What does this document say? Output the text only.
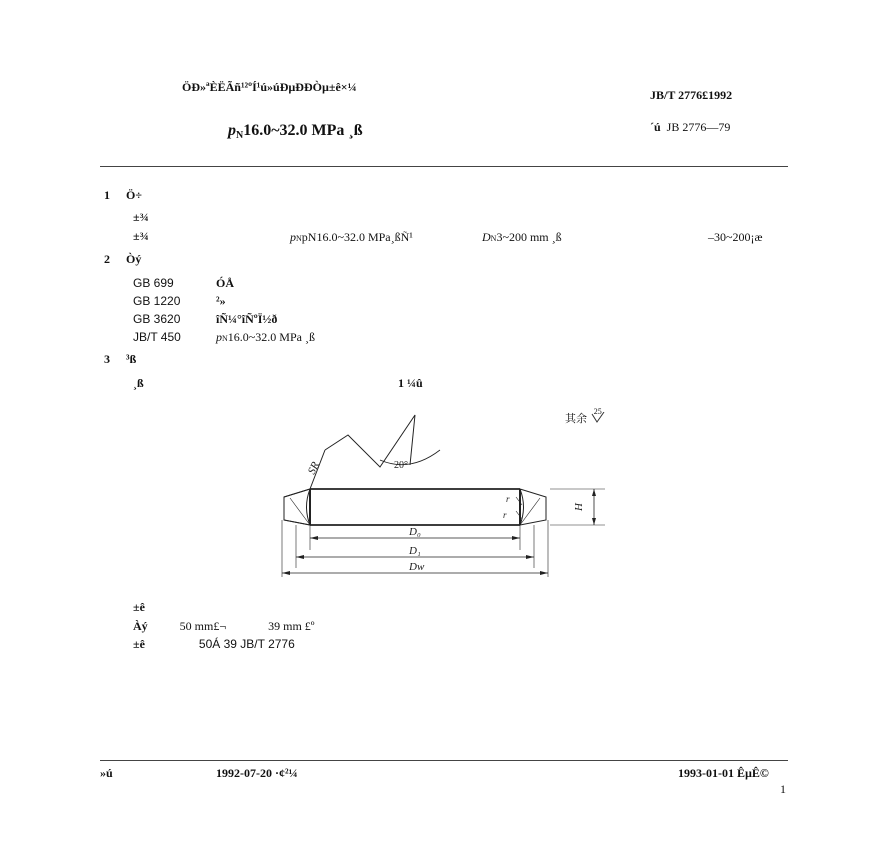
ÖÐ»ªÈËÃñ¹²ºÍ¹ú»úÐµÐÐÒµ±ê×¼
JB/T 2776£1992
pN16.0~32.0 MPa ¸ß	´ú JB 2776—79
1 Ö÷
±¾
±¾	pNpN16.0~32.0 MPa¸ßÑ¹	DN3~200 mm ¸ß	–30~200¡æ
2 Òý
GB 699	ÓÅ
GB 1220	²»
GB 3620	îÑ¼°îÑºÏ½ð
JB/T 450	pN16.0~32.0 MPa ¸ß
3 ³ß
¸ß	1 ¼û
其余
25
SR	20°
H
r
r
D₀
D₁
Dw
±ê
Àý	50 mm£¬	39 mm £º
±ê	50Á 39 JB/T 2776
»ú	1992-07-20 ·¢²¼	1993-01-01 ÊµÊ©
1
